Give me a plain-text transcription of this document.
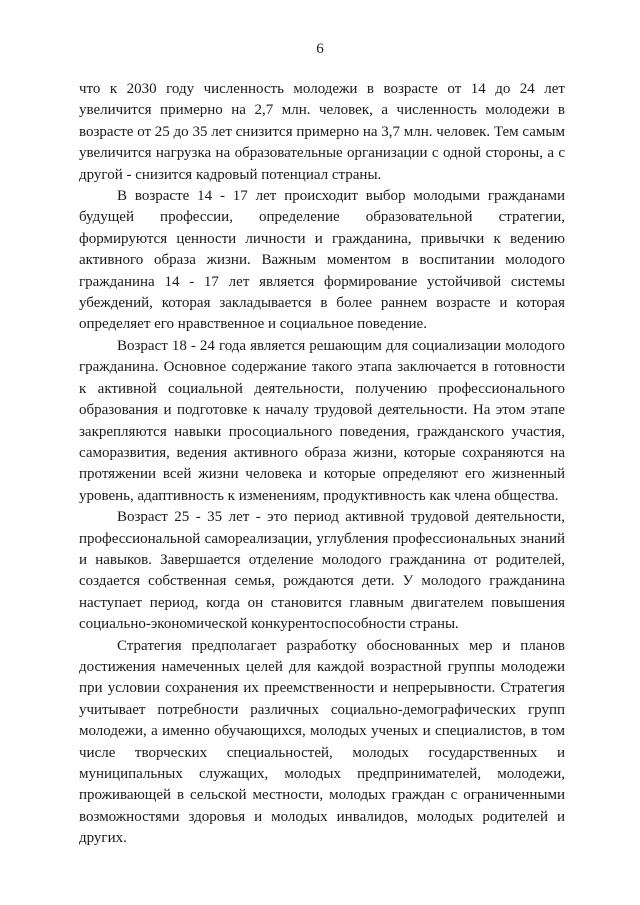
6

что к 2030 году численность молодежи в возрасте от 14 до 24 лет увеличится примерно на 2,7 млн. человек, а численность молодежи в возрасте от 25 до 35 лет снизится примерно на 3,7 млн. человек. Тем самым увеличится нагрузка на образовательные организации с одной стороны, а с другой - снизится кадровый потенциал страны.

В возрасте 14 - 17 лет происходит выбор молодыми гражданами будущей профессии, определение образовательной стратегии, формируются ценности личности и гражданина, привычки к ведению активного образа жизни. Важным моментом в воспитании молодого гражданина 14 - 17 лет является формирование устойчивой системы убеждений, которая закладывается в более раннем возрасте и которая определяет его нравственное и социальное поведение.

Возраст 18 - 24 года является решающим для социализации молодого гражданина. Основное содержание такого этапа заключается в готовности к активной социальной деятельности, получению профессионального образования и подготовке к началу трудовой деятельности. На этом этапе закрепляются навыки просоциального поведения, гражданского участия, саморазвития, ведения активного образа жизни, которые сохраняются на протяжении всей жизни человека и которые определяют его жизненный уровень, адаптивность к изменениям, продуктивность как члена общества.

Возраст 25 - 35 лет - это период активной трудовой деятельности, профессиональной самореализации, углубления профессиональных знаний и навыков. Завершается отделение молодого гражданина от родителей, создается собственная семья, рождаются дети. У молодого гражданина наступает период, когда он становится главным двигателем повышения социально-экономической конкурентоспособности страны.

Стратегия предполагает разработку обоснованных мер и планов достижения намеченных целей для каждой возрастной группы молодежи при условии сохранения их преемственности и непрерывности. Стратегия учитывает потребности различных социально-демографических групп молодежи, а именно обучающихся, молодых ученых и специалистов, в том числе творческих специальностей, молодых государственных и муниципальных служащих, молодых предпринимателей, молодежи, проживающей в сельской местности, молодых граждан с ограниченными возможностями здоровья и молодых инвалидов, молодых родителей и других.
